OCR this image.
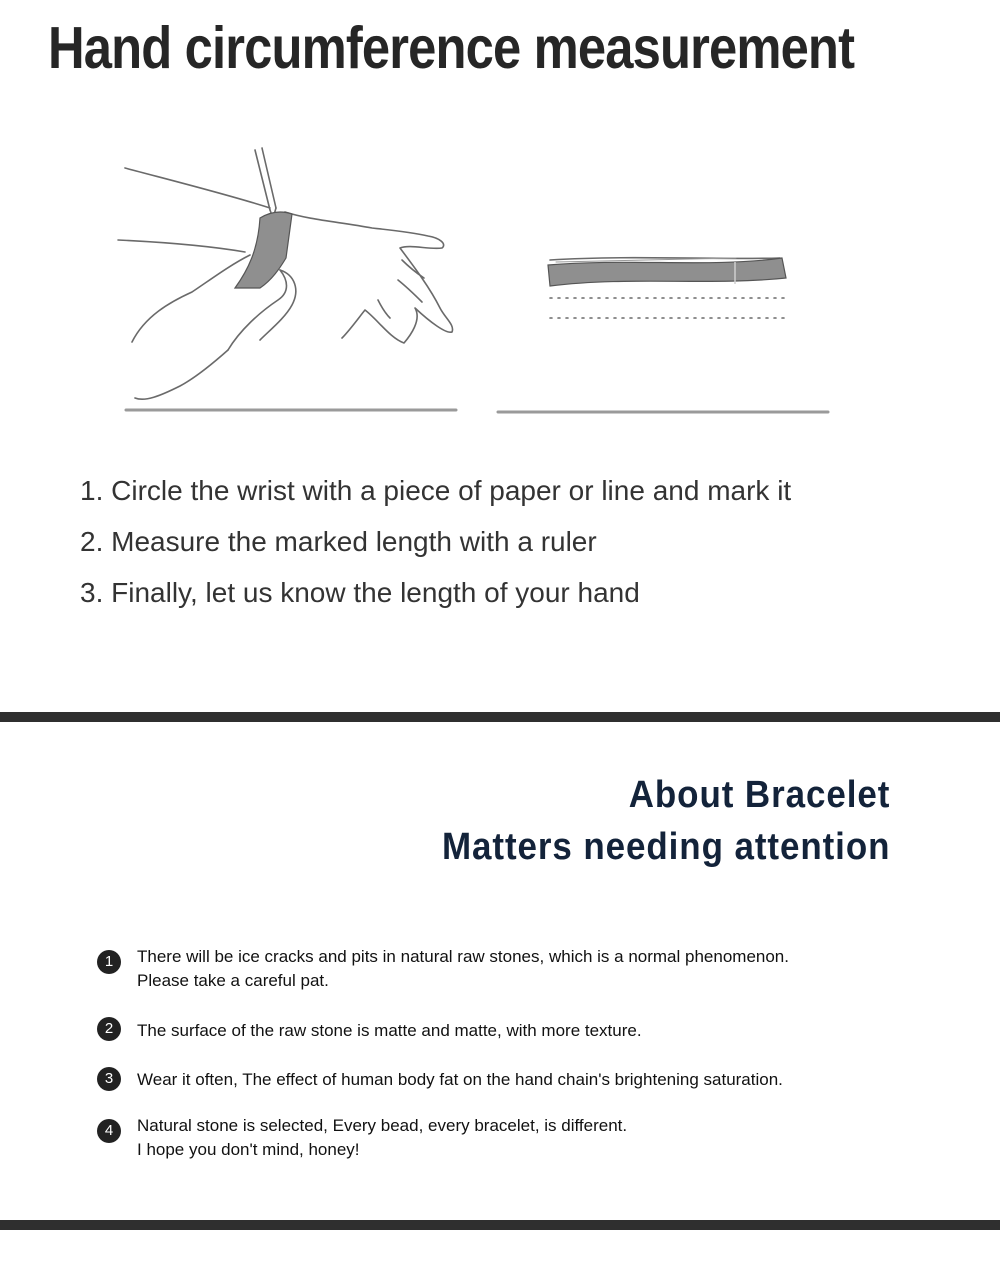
Hand circumference measurement
1. Circle the wrist with a piece of paper or line and mark it
2. Measure the marked length with a ruler
3. Finally, let us know the length of your hand
About Bracelet
Matters needing attention
1	There will be ice cracks and pits in natural raw stones, which is a normal phenomenon.
Please take a careful pat.
2	The surface of the raw stone is matte and matte, with more texture.
3	Wear it often, The effect of human body fat on the hand chain's brightening saturation.
4	Natural stone is selected, Every bead, every bracelet, is different.
I hope you don't mind, honey!
